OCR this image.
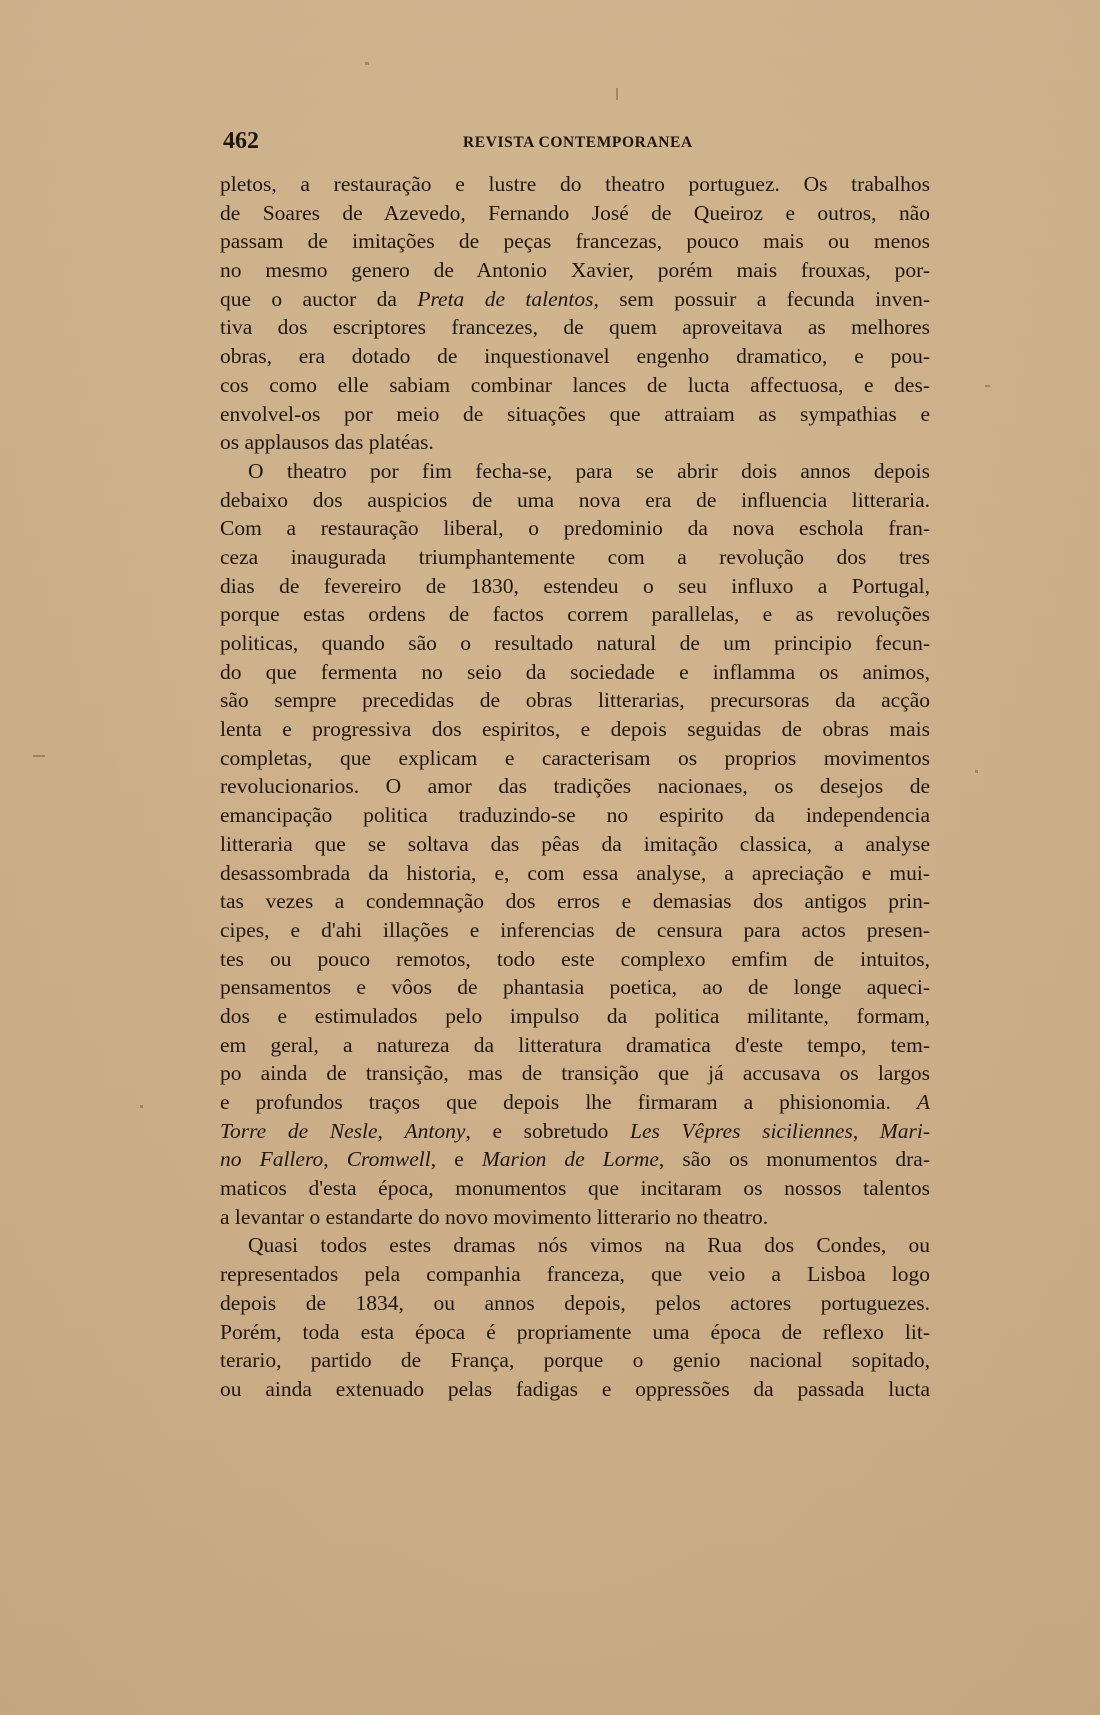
462	REVISTA CONTEMPORANEA
pletos, a restauração e lustre do theatro portuguez. Os trabalhos
de Soares de Azevedo, Fernando José de Queiroz e outros, não
passam de imitações de peças francezas, pouco mais ou menos
no mesmo genero de Antonio Xavier, porém mais frouxas, por-
que o auctor da Preta de talentos, sem possuir a fecunda inven-
tiva dos escriptores francezes, de quem aproveitava as melhores
obras, era dotado de inquestionavel engenho dramatico, e pou-
cos como elle sabiam combinar lances de lucta affectuosa, e des-
envolvel-os por meio de situações que attraiam as sympathias e
os applausos das platéas.
O theatro por fim fecha-se, para se abrir dois annos depois
debaixo dos auspicios de uma nova era de influencia litteraria.
Com a restauração liberal, o predominio da nova eschola fran-
ceza inaugurada triumphantemente com a revolução dos tres
dias de fevereiro de 1830, estendeu o seu influxo a Portugal,
porque estas ordens de factos correm parallelas, e as revoluções
politicas, quando são o resultado natural de um principio fecun-
do que fermenta no seio da sociedade e inflamma os animos,
são sempre precedidas de obras litterarias, precursoras da acção
lenta e progressiva dos espiritos, e depois seguidas de obras mais
completas, que explicam e caracterisam os proprios movimentos
revolucionarios. O amor das tradições nacionaes, os desejos de
emancipação politica traduzindo-se no espirito da independencia
litteraria que se soltava das pêas da imitação classica, a analyse
desassombrada da historia, e, com essa analyse, a apreciação e mui-
tas vezes a condemnação dos erros e demasias dos antigos prin-
cipes, e d'ahi illações e inferencias de censura para actos presen-
tes ou pouco remotos, todo este complexo emfim de intuitos,
pensamentos e vôos de phantasia poetica, ao de longe aqueci-
dos e estimulados pelo impulso da politica militante, formam,
em geral, a natureza da litteratura dramatica d'este tempo, tem-
po ainda de transição, mas de transição que já accusava os largos
e profundos traços que depois lhe firmaram a phisionomia. A
Torre de Nesle, Antony, e sobretudo Les Vêpres siciliennes, Mari-
no Fallero, Cromwell, e Marion de Lorme, são os monumentos dra-
maticos d'esta época, monumentos que incitaram os nossos talentos
a levantar o estandarte do novo movimento litterario no theatro.
Quasi todos estes dramas nós vimos na Rua dos Condes, ou
representados pela companhia franceza, que veio a Lisboa logo
depois de 1834, ou annos depois, pelos actores portuguezes.
Porém, toda esta época é propriamente uma época de reflexo lit-
terario, partido de França, porque o genio nacional sopitado,
ou ainda extenuado pelas fadigas e oppressões da passada lucta
